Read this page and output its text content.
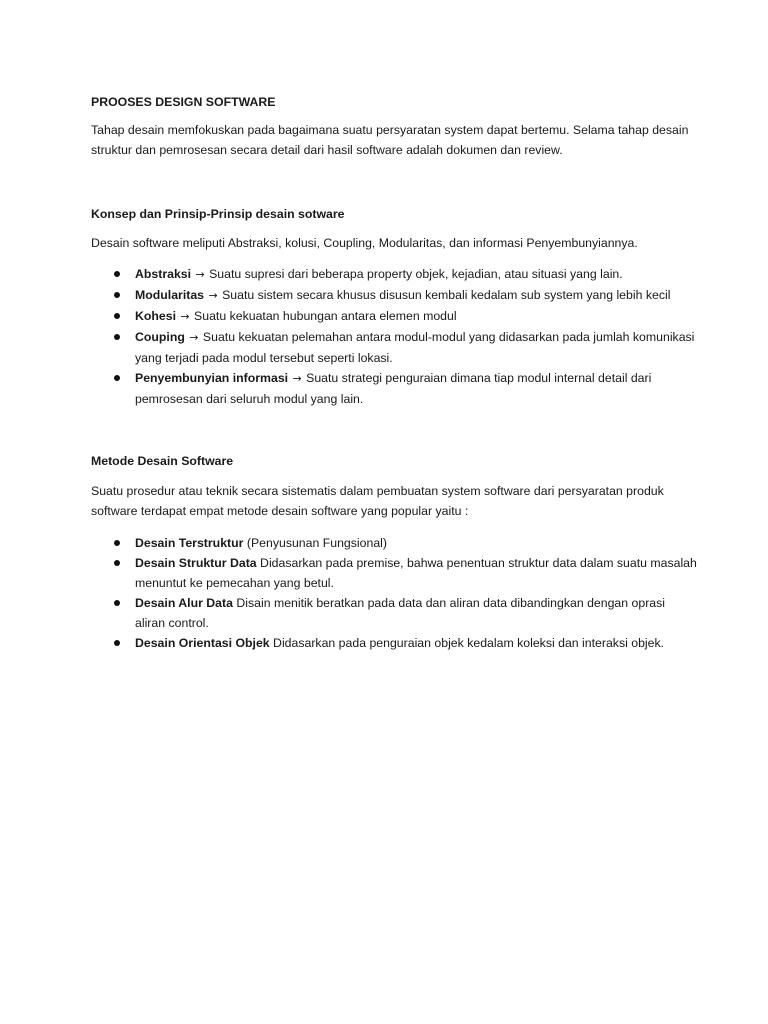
PROOSES DESIGN SOFTWARE

Tahap desain memfokuskan pada bagaimana suatu persyaratan system dapat bertemu. Selama tahap desain struktur dan pemrosesan secara detail dari hasil software adalah dokumen dan review.

Konsep dan Prinsip-Prinsip desain sotware

Desain software meliputi Abstraksi, kolusi, Coupling, Modularitas, dan informasi Penyembunyiannya.

Abstraksi → Suatu supresi dari beberapa property objek, kejadian, atau situasi yang lain.
Modularitas → Suatu sistem secara khusus disusun kembali kedalam sub system yang lebih kecil
Kohesi → Suatu kekuatan hubungan antara elemen modul
Couping → Suatu kekuatan pelemahan antara modul-modul yang didasarkan pada jumlah komunikasi yang terjadi pada modul tersebut seperti lokasi.
Penyembunyian informasi → Suatu strategi penguraian dimana tiap modul internal detail dari pemrosesan dari seluruh modul yang lain.

Metode Desain Software

Suatu prosedur atau teknik secara sistematis dalam pembuatan system software dari persyaratan produk software terdapat empat metode desain software yang popular yaitu :

Desain Terstruktur (Penyusunan Fungsional)
Desain Struktur Data Didasarkan pada premise, bahwa penentuan struktur data dalam suatu masalah menuntut ke pemecahan yang betul.
Desain Alur Data Disain menitik beratkan pada data dan aliran data dibandingkan dengan oprasi aliran control.
Desain Orientasi Objek Didasarkan pada penguraian objek kedalam koleksi dan interaksi objek.
